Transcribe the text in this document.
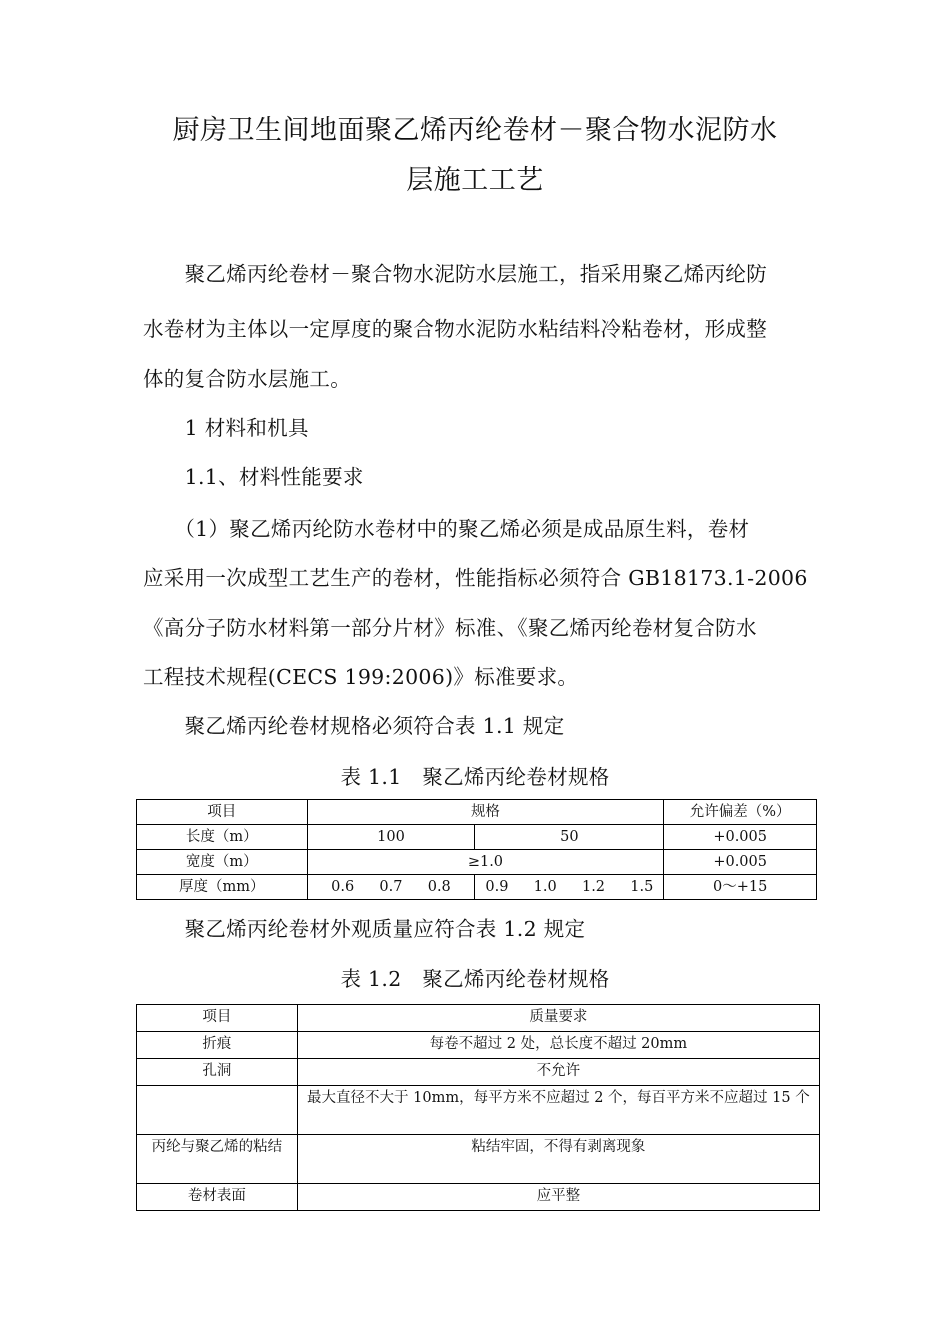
厨房卫生间地面聚乙烯丙纶卷材－聚合物水泥防水
层施工工艺
　　聚乙烯丙纶卷材－聚合物水泥防水层施工，指采用聚乙烯丙纶防
水卷材为主体以一定厚度的聚合物水泥防水粘结料冷粘卷材，形成整
体的复合防水层施工。
　　1 材料和机具
　　1.1、材料性能要求
　　（1）聚乙烯丙纶防水卷材中的聚乙烯必须是成品原生料，卷材
应采用一次成型工艺生产的卷材，性能指标必须符合 GB18173.1-2006
《高分子防水材料第一部分片材》标准、《聚乙烯丙纶卷材复合防水
工程技术规程(CECS 199:2006)》标准要求。
　　聚乙烯丙纶卷材规格必须符合表 1.1 规定
表 1.1　聚乙烯丙纶卷材规格
项目	规格		允许偏差（%）
长度（m）	100	50	+0.005
宽度（m）	≥1.0		+0.005
厚度（mm）	0.6  0.7  0.8	0.9  1.0  1.2  1.5	0～+15
　　聚乙烯丙纶卷材外观质量应符合表 1.2 规定
表 1.2　聚乙烯丙纶卷材规格
项目	质量要求
折痕	每卷不超过 2 处，总长度不超过 20mm
孔洞	不允许
	最大直径不大于 10mm，每平方米不应超过 2 个，每百平方米不应超过 15 个
丙纶与聚乙烯的粘结	粘结牢固，不得有剥离现象
卷材表面	应平整
